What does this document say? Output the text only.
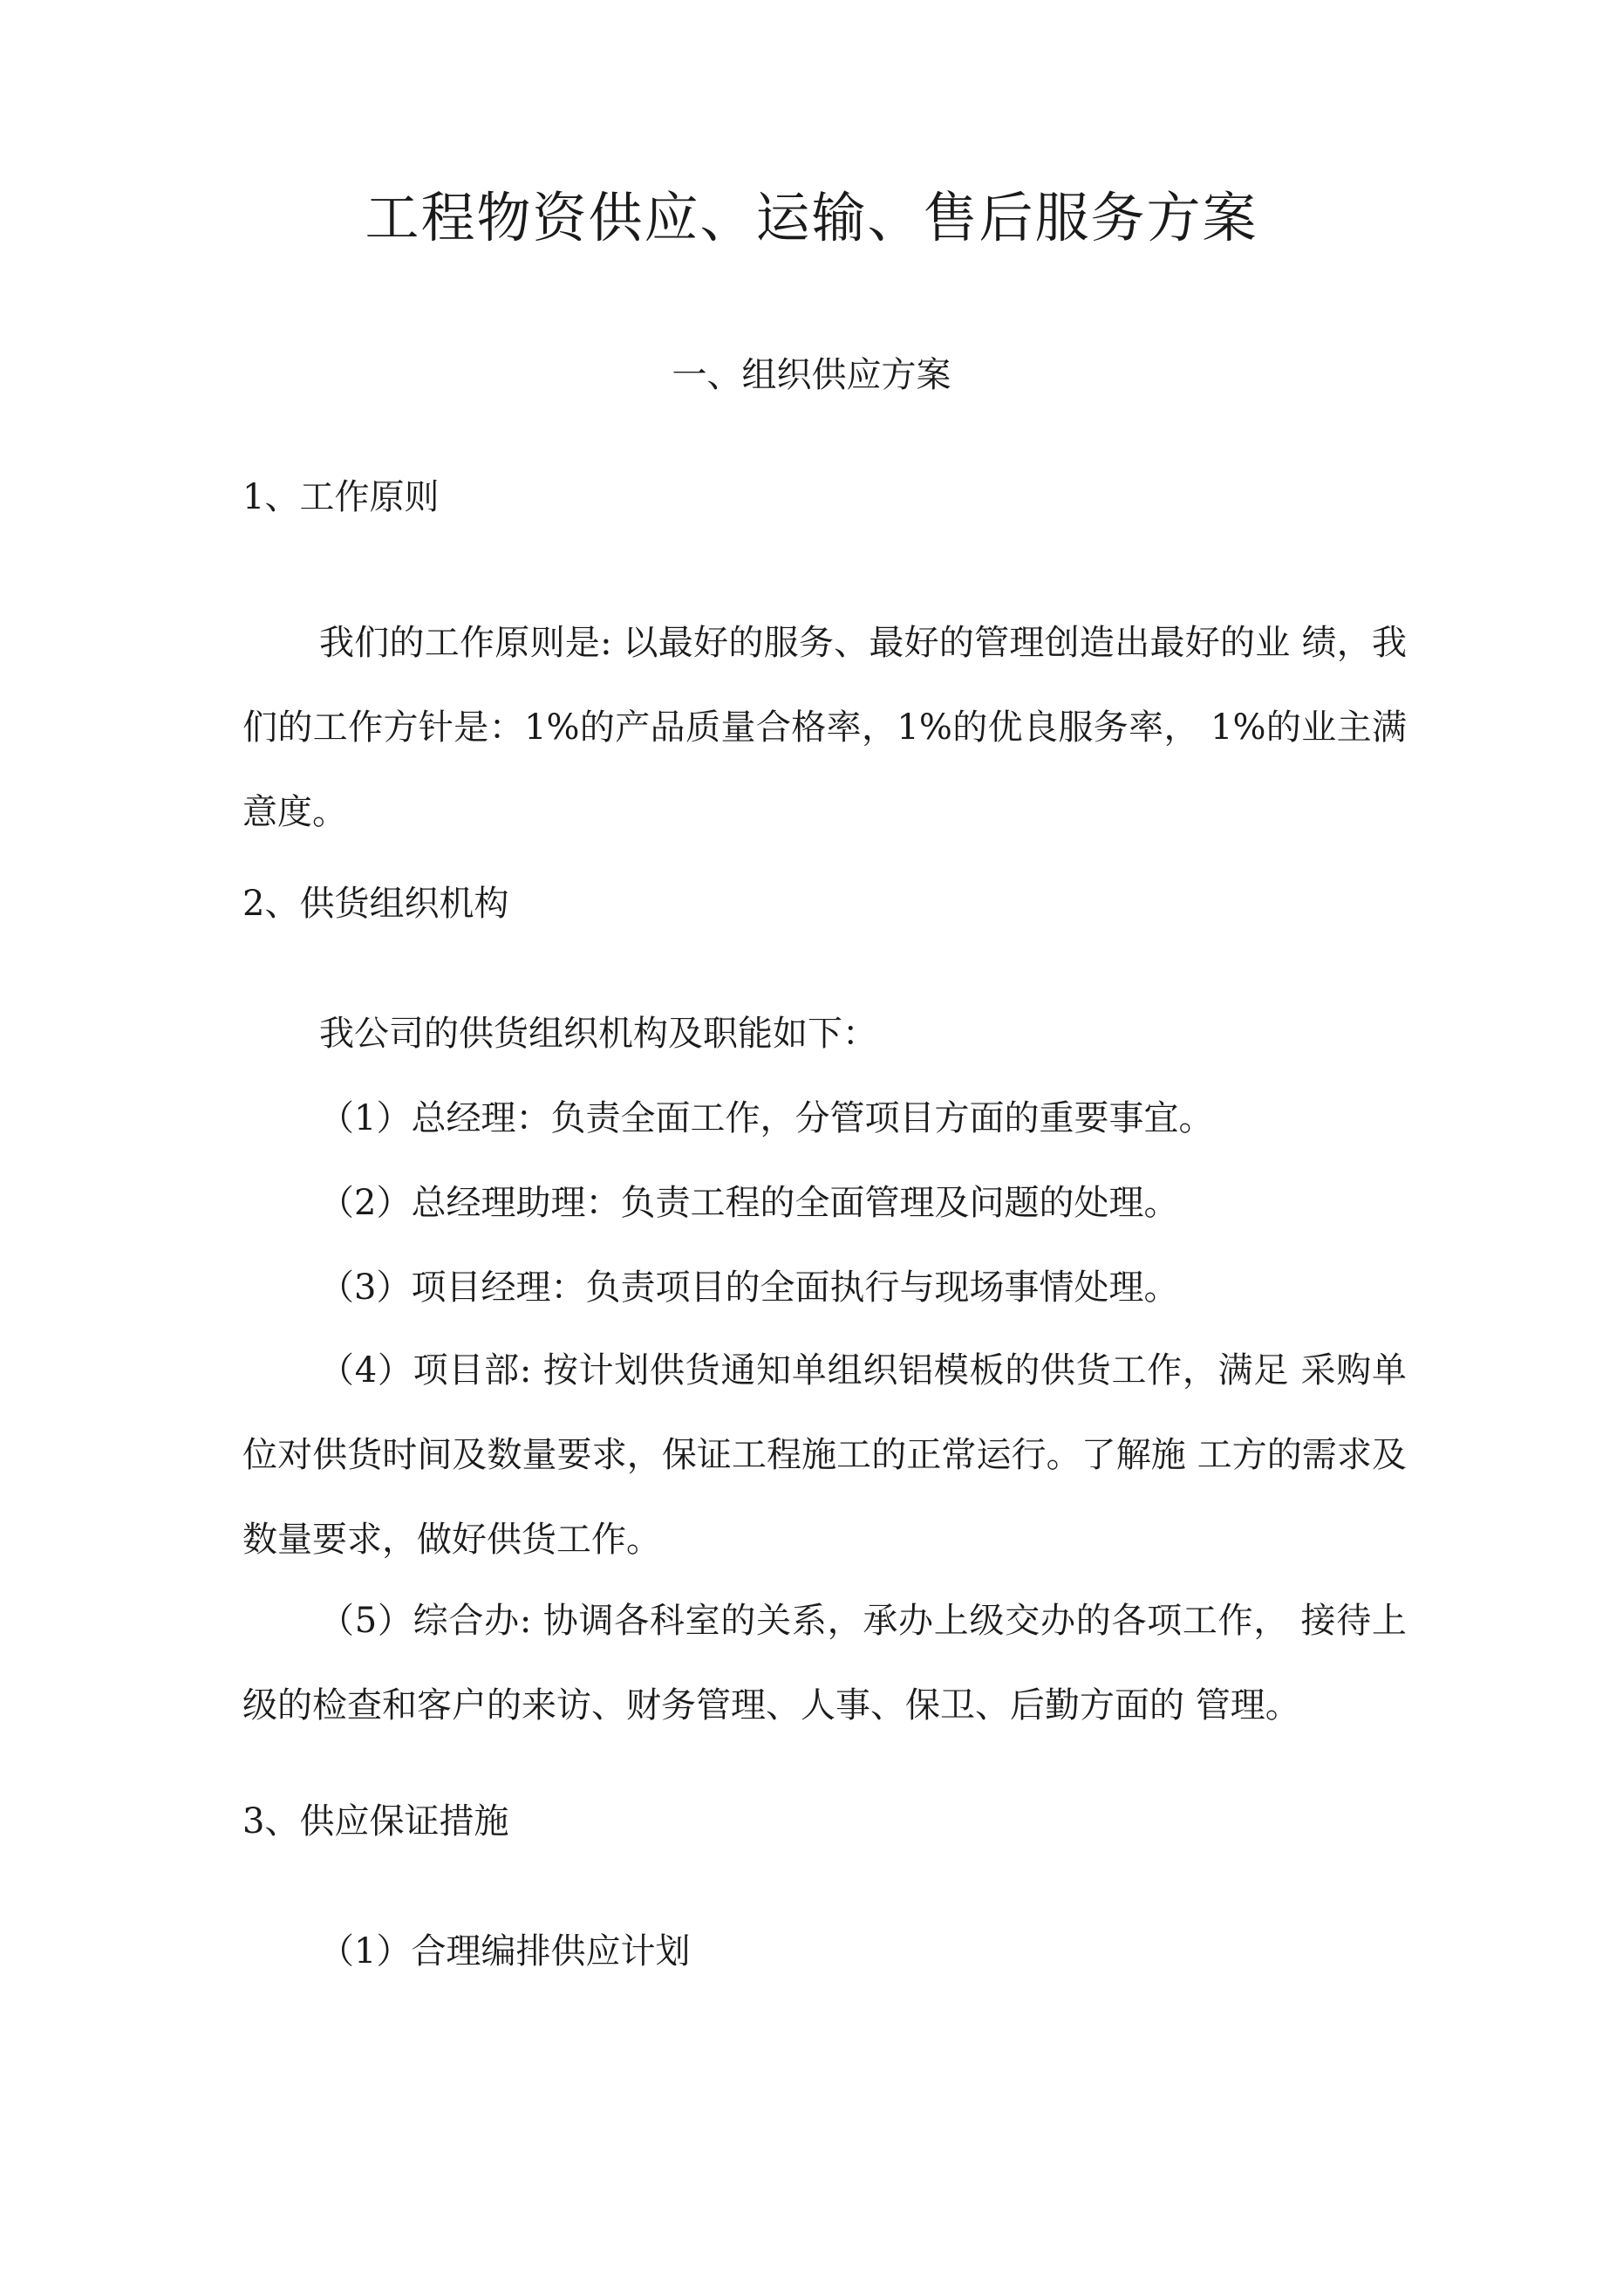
工程物资供应、运输、售后服务方案
一、组织供应方案
1、工作原则

我们的工作原则是: 以最好的服务、最好的管理创造出最好的业 绩，我们的工作方针是：1%的产品质量合格率，1%的优良服务率， 1%的业主满意度。

2、供货组织机构

我公司的供货组织机构及职能如下：

（1）总经理：负责全面工作，分管项目方面的重要事宜。

（2）总经理助理：负责工程的全面管理及问题的处理。

（3）项目经理：负责项目的全面执行与现场事情处理。

（4）项目部: 按计划供货通知单组织铝模板的供货工作，满足 采购单位对供货时间及数量要求，保证工程施工的正常运行。了解施 工方的需求及数量要求，做好供货工作。

（5）综合办: 协调各科室的关系，承办上级交办的各项工作， 接待上级的检查和客户的来访、财务管理、人事、保卫、后勤方面的 管理。

3、供应保证措施

（1）合理编排供应计划
